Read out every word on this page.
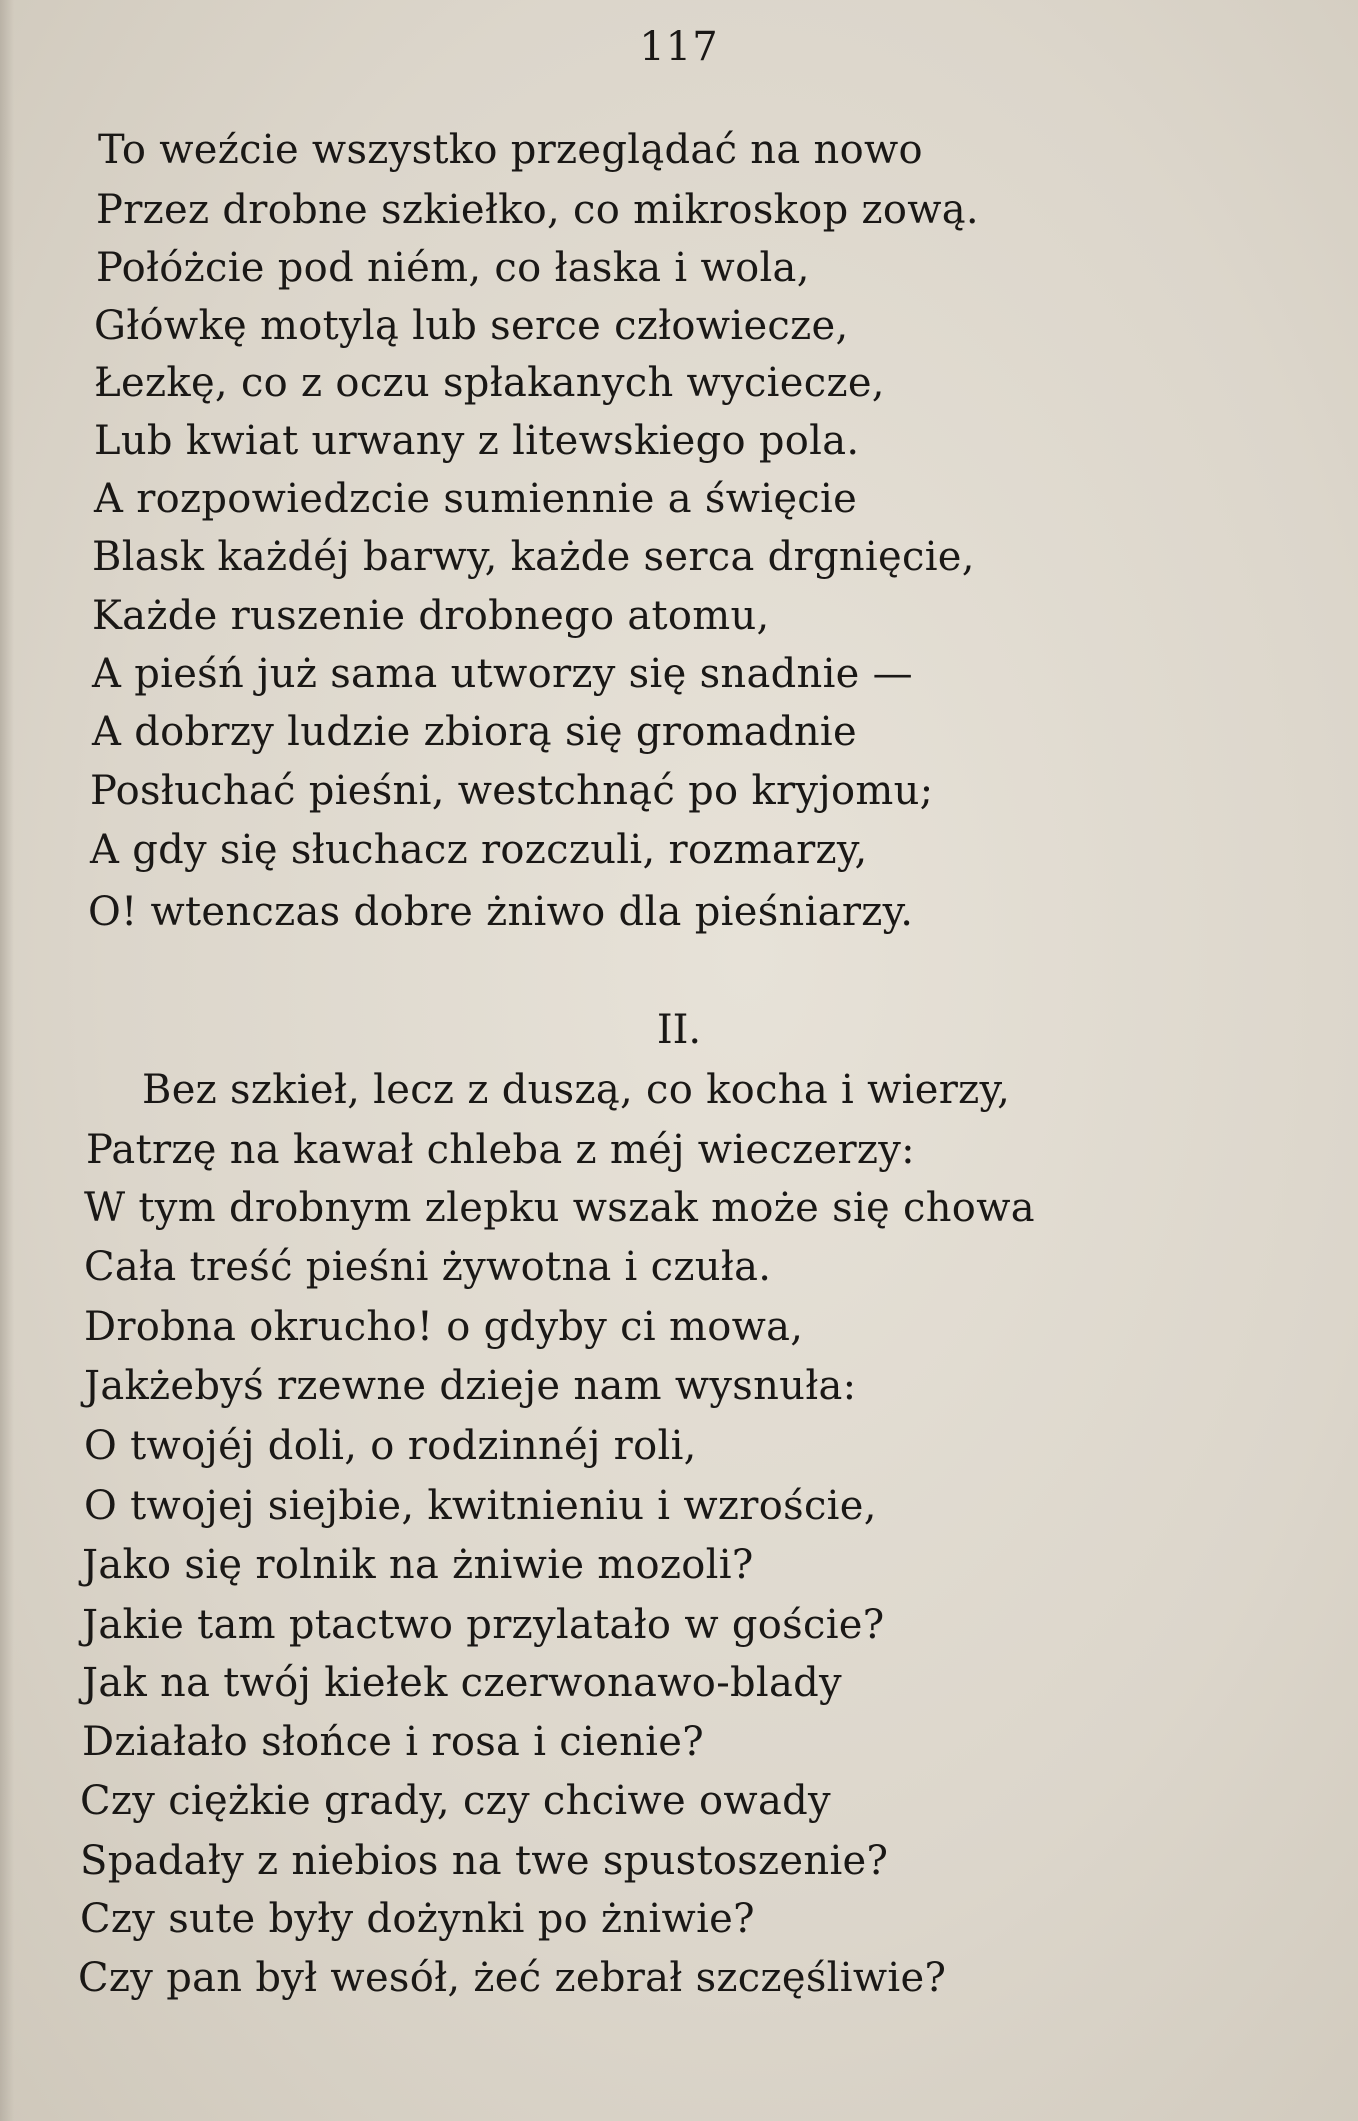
117
To weźcie wszystko przeglądać na nowo
Przez drobne szkiełko, co mikroskop zową.
Połóżcie pod niém, co łaska i wola,
Główkę motylą lub serce człowiecze,
Łezkę, co z oczu spłakanych wyciecze,
Lub kwiat urwany z litewskiego pola.
A rozpowiedzcie sumiennie a święcie
Blask każdéj barwy, każde serca drgnięcie,
Każde ruszenie drobnego atomu,
A pieśń już sama utworzy się snadnie —
A dobrzy ludzie zbiorą się gromadnie
Posłuchać pieśni, westchnąć po kryjomu;
A gdy się słuchacz rozczuli, rozmarzy,
O! wtenczas dobre żniwo dla pieśniarzy.
II.
Bez szkieł, lecz z duszą, co kocha i wierzy,
Patrzę na kawał chleba z méj wieczerzy:
W tym drobnym zlepku wszak może się chowa
Cała treść pieśni żywotna i czuła.
Drobna okrucho! o gdyby ci mowa,
Jakżebyś rzewne dzieje nam wysnuła:
O twojéj doli, o rodzinnéj roli,
O twojej siejbie, kwitnieniu i wzroście,
Jako się rolnik na żniwie mozoli?
Jakie tam ptactwo przylatało w goście?
Jak na twój kiełek czerwonawo-blady
Działało słońce i rosa i cienie?
Czy ciężkie grady, czy chciwe owady
Spadały z niebios na twe spustoszenie?
Czy sute były dożynki po żniwie?
Czy pan był wesół, żeć zebrał szczęśliwie?
